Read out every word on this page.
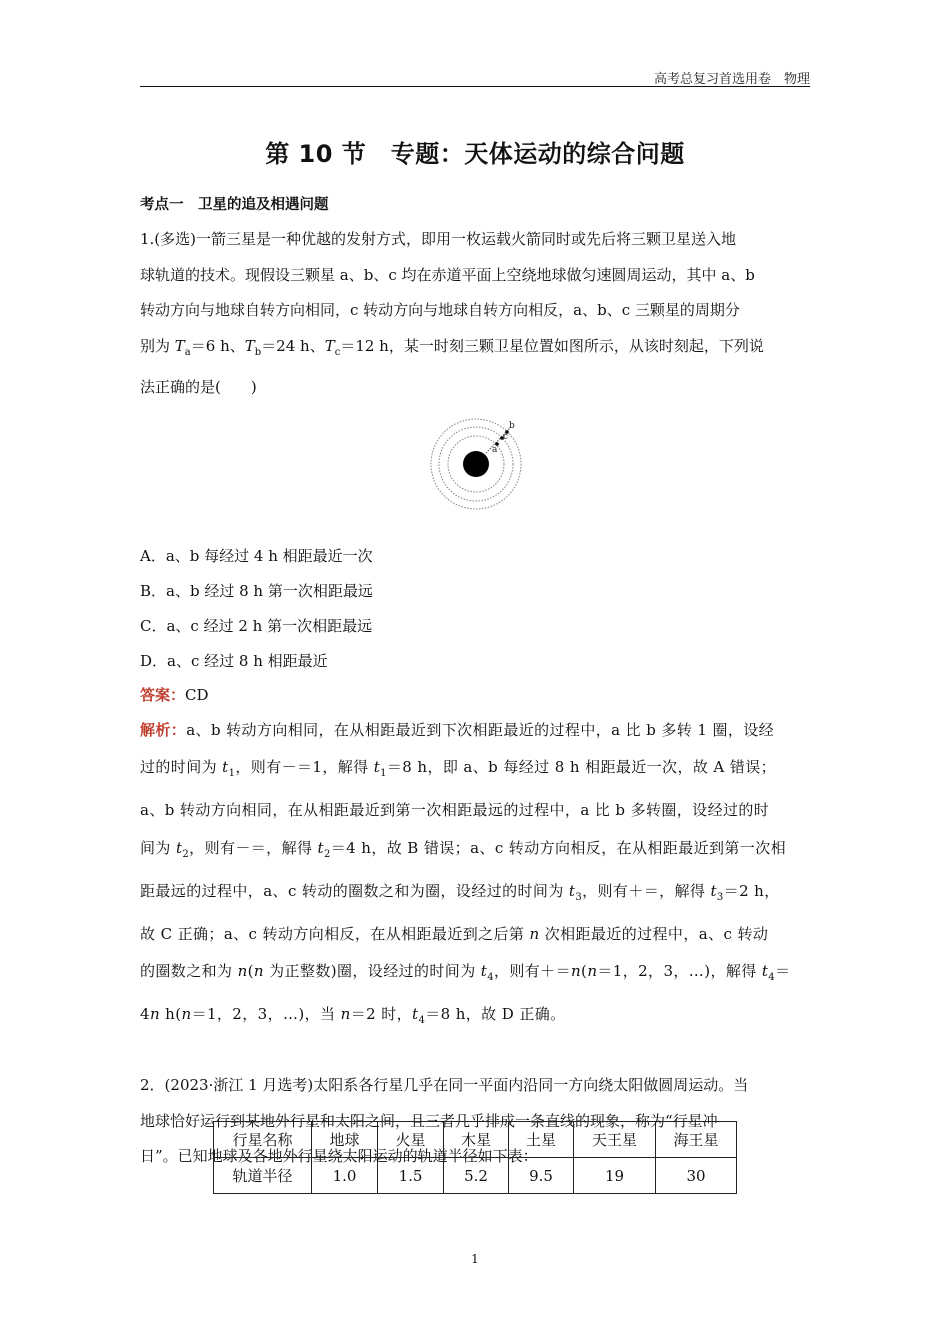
高考总复习首选用卷　物理
第 10 节　专题：天体运动的综合问题
考点一　卫星的追及相遇问题
1.(多选)一箭三星是一种优越的发射方式，即用一枚运载火箭同时或先后将三颗卫星送入地
球轨道的技术。现假设三颗星 a、b、c 均在赤道平面上空绕地球做匀速圆周运动，其中 a、b
转动方向与地球自转方向相同，c 转动方向与地球自转方向相反，a、b、c 三颗星的周期分
别为 $T_a=6$ h、$T_b=24$ h、$T_c=12$ h，某一时刻三颗卫星位置如图所示，从该时刻起，下列说
法正确的是(　　)
b
c
a
A．a、b 每经过 4 h 相距最近一次
B．a、b 经过 8 h 第一次相距最远
C．a、c 经过 2 h 第一次相距最远
D．a、c 经过 8 h 相距最近
答案：CD
解析：a、b 转动方向相同，在从相距最近到下次相距最近的过程中，a 比 b 多转 1 圈，设经
过的时间为 $t_1$，则有－＝1，解得 $t_1=8$ h，即 a、b 每经过 8 h 相距最近一次，故 A 错误；
a、b 转动方向相同，在从相距最近到第一次相距最远的过程中，a 比 b 多转圈，设经过的时
间为 $t_2$，则有－＝，解得 $t_2=4$ h，故 B 错误；a、c 转动方向相反，在从相距最近到第一次相
距最远的过程中，a、c 转动的圈数之和为圈，设经过的时间为 $t_3$，则有＋＝，解得 $t_3=2$ h，
故 C 正确；a、c 转动方向相反，在从相距最近到之后第 n 次相距最近的过程中，a、c 转动
的圈数之和为 n(n 为正整数)圈，设经过的时间为 $t_4$，则有＋＝n(n＝1，2，3，…)，解得 $t_4=$
4n h(n＝1，2，3，…)，当 n＝2 时，$t_4=8$ h，故 D 正确。
2．(2023·浙江 1 月选考)太阳系各行星几乎在同一平面内沿同一方向绕太阳做圆周运动。当
地球恰好运行到某地外行星和太阳之间，且三者几乎排成一条直线的现象，称为“行星冲
日”。已知地球及各地外行星绕太阳运动的轨道半径如下表：
行星名称	地球	火星	木星	土星	天王星	海王星
轨道半径	1.0	1.5	5.2	9.5	19	30
1
